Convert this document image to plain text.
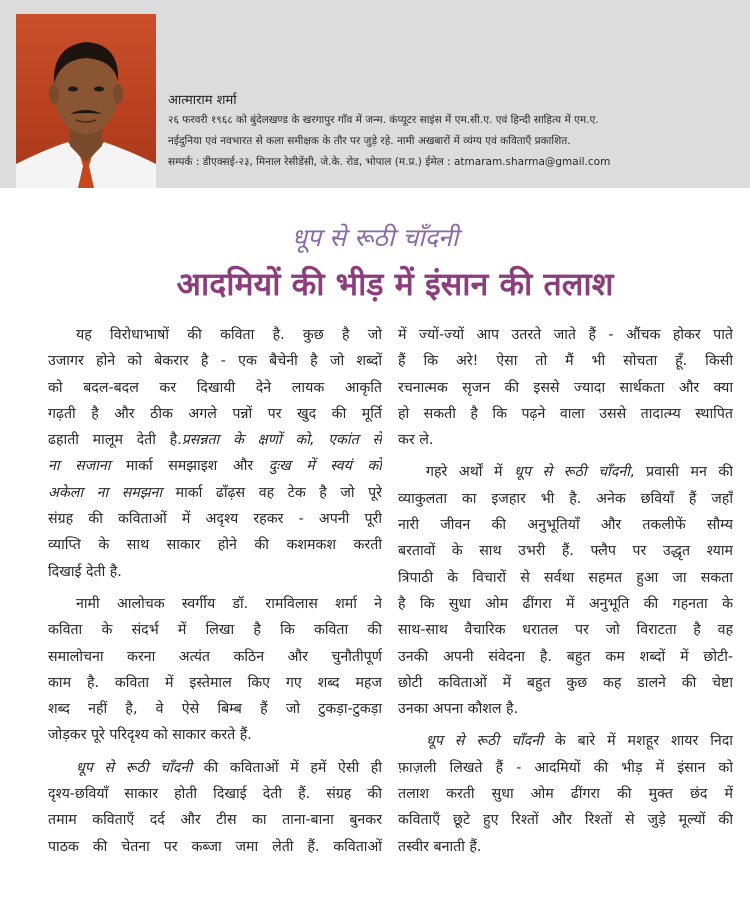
आत्माराम शर्मा
२६ फरवरी १९६८ को बुंदेलखण्ड के खरगापुर गाँव में जन्म. कंप्यूटर साइंस में एम.सी.ए. एवं हिन्दी साहित्य में एम.ए.
नईदुनिया एवं नवभारत से कला समीक्षक के तौर पर जुड़े रहे. नामी अखबारों में व्यंग्य एवं कविताएँ प्रकाशित.
सम्पर्क : डीएक्सई-२३, मिनाल रेसीडेंसी, जे.के. रोड, भोपाल (म.प्र.) ईमेल : atmaram.sharma@gmail.com
धूप से रूठी चाँदनी
आदमियों की भीड़ में इंसान की तलाश
यह विरोधाभाषों की कविता है. कुछ है जो
उजागर होने को बेकरार है - एक बैचेनी है जो शब्दों
को बदल-बदल कर दिखायी देने लायक आकृति
गढ़ती है और ठीक अगले पन्नों पर खुद की मूर्ति
ढहाती मालूम देती है.प्रसन्नता के क्षणों को, एकांत से
ना सजाना मार्का समझाइश और दुःख में स्वयं को
अकेला ना समझना मार्का ढाँढ़स वह टेक है जो पूरे
संग्रह की कविताओं में अदृश्य रहकर - अपनी पूरी
व्याप्ति के साथ साकार होने की कशमकश करती
दिखाई देती है.
नामी आलोचक स्वर्गीय डॉ. रामविलास शर्मा ने
कविता के संदर्भ में लिखा है कि कविता की
समालोचना करना अत्यंत कठिन और चुनौतीपूर्ण
काम है. कविता में इस्तेमाल किए गए शब्द महज
शब्द नहीं है, वे ऐसे बिम्ब हैं जो टुकड़ा-टुकड़ा
जोड़कर पूरे परिदृश्य को साकार करते हैं.
धूप से रूठी चाँदनी की कविताओं में हमें ऐसी ही
दृश्य-छवियाँ साकार होती दिखाई देती हैं. संग्रह की
तमाम कविताएँ दर्द और टीस का ताना-बाना बुनकर
पाठक की चेतना पर कब्जा जमा लेती हैं. कविताओं
में ज्यों-ज्यों आप उतरते जाते हैं - औंचक होकर पाते
हैं कि अरे! ऐसा तो मैं भी सोचता हूँ. किसी
रचनात्मक सृजन की इससे ज्यादा सार्थकता और क्या
हो सकती है कि पढ़ने वाला उससे तादात्म्य स्थापित
कर ले.
गहरे अर्थों में धूप से रूठी चाँदनी, प्रवासी मन की
व्याकुलता का इजहार भी है. अनेक छवियाँ हैं जहाँ
नारी जीवन की अनुभूतियाँ और तकलीफें सौम्य
बरतावों के साथ उभरी हैं. फ्लैप पर उद्धृत श्याम
त्रिपाठी के विचारों से सर्वथा सहमत हुआ जा सकता
है कि सुधा ओम ढींगरा में अनुभूति की गहनता के
साथ-साथ वैचारिक धरातल पर जो विराटता है वह
उनकी अपनी संवेदना है. बहुत कम शब्दों में छोटी-
छोटी कविताओं में बहुत कुछ कह डालने की चेष्टा
उनका अपना कौशल है.
धूप से रूठी चाँदनी के बारे में मशहूर शायर निदा
फ़ाज़ली लिखते हैं - आदमियों की भीड़ में इंसान को
तलाश करती सुधा ओम ढींगरा की मुक्त छंद में
कविताएँ छूटे हुए रिश्तों और रिश्तों से जुड़े मूल्यों की
तस्वीर बनाती हैं.
